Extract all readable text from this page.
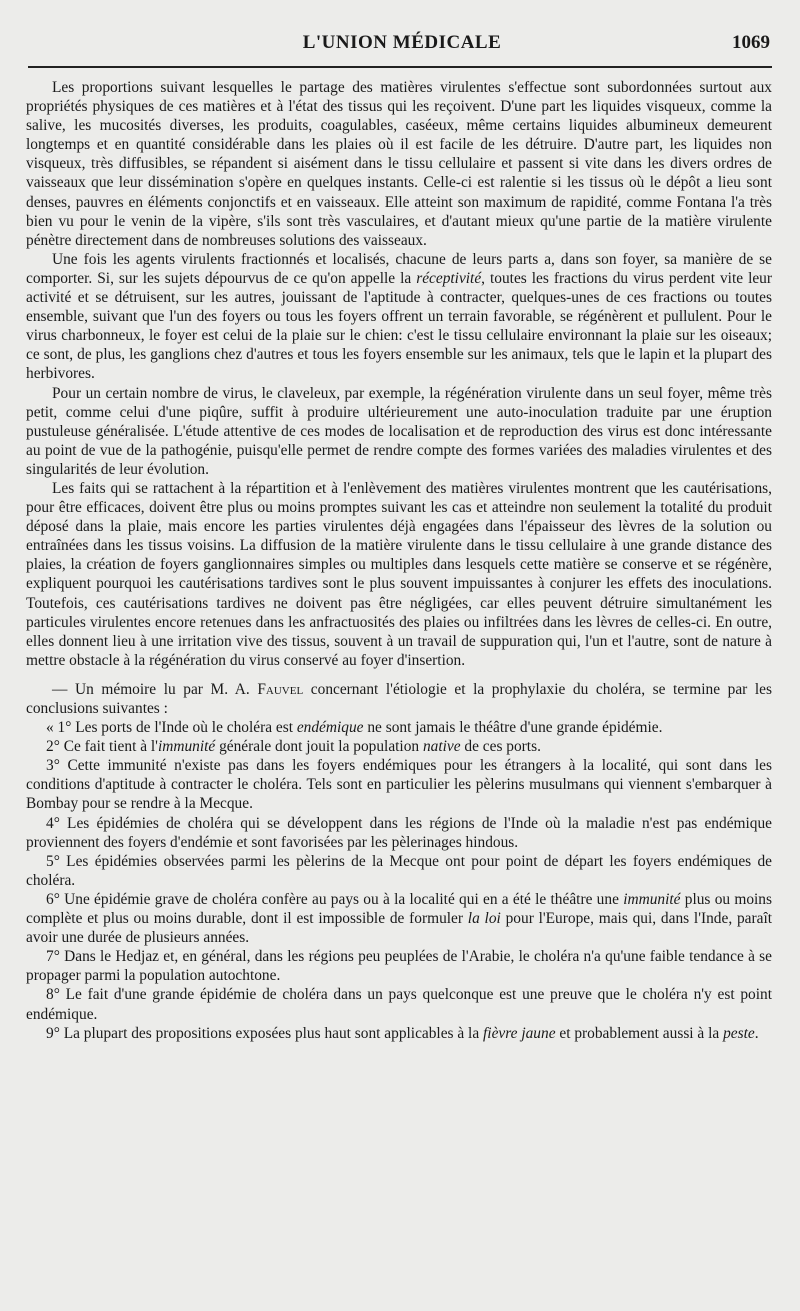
L'UNION MÉDICALE	1069

Les proportions suivant lesquelles le partage des matières virulentes s'effectue sont subordonnées surtout aux propriétés physiques de ces matières et à l'état des tissus qui les reçoivent. D'une part les liquides visqueux, comme la salive, les mucosités diverses, les produits, coagulables, caséeux, même certains liquides albumineux demeurent longtemps et en quantité considérable dans les plaies où il est facile de les détruire. D'autre part, les liquides non visqueux, très diffusibles, se répandent si aisément dans le tissu cellulaire et passent si vite dans les divers ordres de vaisseaux que leur dissémination s'opère en quelques instants. Celle-ci est ralentie si les tissus où le dépôt a lieu sont denses, pauvres en éléments conjonctifs et en vaisseaux. Elle atteint son maximum de rapidité, comme Fontana l'a très bien vu pour le venin de la vipère, s'ils sont très vasculaires, et d'autant mieux qu'une partie de la matière virulente pénètre directement dans de nombreuses solutions des vaisseaux.

Une fois les agents virulents fractionnés et localisés, chacune de leurs parts a, dans son foyer, sa manière de se comporter. Si, sur les sujets dépourvus de ce qu'on appelle la réceptivité, toutes les fractions du virus perdent vite leur activité et se détruisent, sur les autres, jouissant de l'aptitude à contracter, quelques-unes de ces fractions ou toutes ensemble, suivant que l'un des foyers ou tous les foyers offrent un terrain favorable, se régénèrent et pullulent. Pour le virus charbonneux, le foyer est celui de la plaie sur le chien: c'est le tissu cellulaire environnant la plaie sur les oiseaux; ce sont, de plus, les ganglions chez d'autres et tous les foyers ensemble sur les animaux, tels que le lapin et la plupart des herbivores.

Pour un certain nombre de virus, le claveleux, par exemple, la régénération virulente dans un seul foyer, même très petit, comme celui d'une piqûre, suffit à produire ultérieurement une auto-inoculation traduite par une éruption pustuleuse généralisée. L'étude attentive de ces modes de localisation et de reproduction des virus est donc intéressante au point de vue de la pathogénie, puisqu'elle permet de rendre compte des formes variées des maladies virulentes et des singularités de leur évolution.

Les faits qui se rattachent à la répartition et à l'enlèvement des matières virulentes montrent que les cautérisations, pour être efficaces, doivent être plus ou moins promptes suivant les cas et atteindre non seulement la totalité du produit déposé dans la plaie, mais encore les parties virulentes déjà engagées dans l'épaisseur des lèvres de la solution ou entraînées dans les tissus voisins. La diffusion de la matière virulente dans le tissu cellulaire à une grande distance des plaies, la création de foyers ganglionnaires simples ou multiples dans lesquels cette matière se conserve et se régénère, expliquent pourquoi les cautérisations tardives sont le plus souvent impuissantes à conjurer les effets des inoculations. Toutefois, ces cautérisations tardives ne doivent pas être négligées, car elles peuvent détruire simultanément les particules virulentes encore retenues dans les anfractuosités des plaies ou infiltrées dans les lèvres de celles-ci. En outre, elles donnent lieu à une irritation vive des tissus, souvent à un travail de suppuration qui, l'un et l'autre, sont de nature à mettre obstacle à la régénération du virus conservé au foyer d'insertion.

— Un mémoire lu par M. A. Fauvel concernant l'étiologie et la prophylaxie du choléra, se termine par les conclusions suivantes :

« 1° Les ports de l'Inde où le choléra est endémique ne sont jamais le théâtre d'une grande épidémie.

2° Ce fait tient à l'immunité générale dont jouit la population native de ces ports.

3° Cette immunité n'existe pas dans les foyers endémiques pour les étrangers à la localité, qui sont dans les conditions d'aptitude à contracter le choléra. Tels sont en particulier les pèlerins musulmans qui viennent s'embarquer à Bombay pour se rendre à la Mecque.

4° Les épidémies de choléra qui se développent dans les régions de l'Inde où la maladie n'est pas endémique proviennent des foyers d'endémie et sont favorisées par les pèlerinages hindous.

5° Les épidémies observées parmi les pèlerins de la Mecque ont pour point de départ les foyers endémiques de choléra.

6° Une épidémie grave de choléra confère au pays ou à la localité qui en a été le théâtre une immunité plus ou moins complète et plus ou moins durable, dont il est impossible de formuler la loi pour l'Europe, mais qui, dans l'Inde, paraît avoir une durée de plusieurs années.

7° Dans le Hedjaz et, en général, dans les régions peu peuplées de l'Arabie, le choléra n'a qu'une faible tendance à se propager parmi la population autochtone.

8° Le fait d'une grande épidémie de choléra dans un pays quelconque est une preuve que le choléra n'y est point endémique.

9° La plupart des propositions exposées plus haut sont applicables à la fièvre jaune et probablement aussi à la peste.
